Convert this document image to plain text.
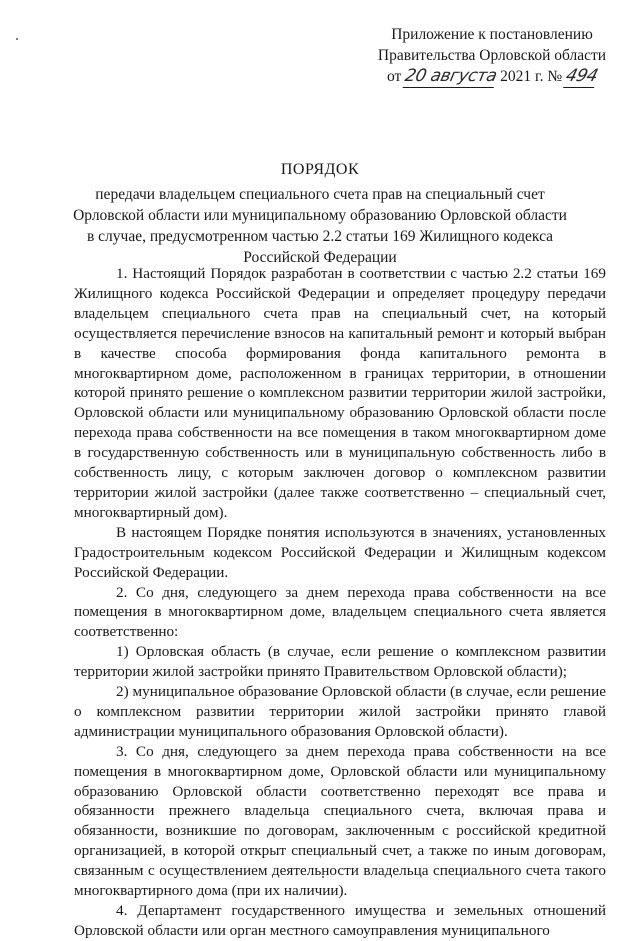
Приложение к постановлению
Правительства Орловской области
от 20 августа 2021 г. № 494
ПОРЯДОК
передачи владельцем специального счета прав на специальный счет
Орловской области или муниципальному образованию Орловской области
в случае, предусмотренном частью 2.2 статьи 169 Жилищного кодекса
Российской Федерации

1. Настоящий Порядок разработан в соответствии с частью 2.2 статьи 169 Жилищного кодекса Российской Федерации и определяет процедуру передачи владельцем специального счета прав на специальный счет, на который осуществляется перечисление взносов на капитальный ремонт и который выбран в качестве способа формирования фонда капитального ремонта в многоквартирном доме, расположенном в границах территории, в отношении которой принято решение о комплексном развитии территории жилой застройки, Орловской области или муниципальному образованию Орловской области после перехода права собственности на все помещения в таком многоквартирном доме в государственную собственность или в муниципальную собственность либо в собственность лицу, с которым заключен договор о комплексном развитии территории жилой застройки (далее также соответственно – специальный счет, многоквартирный дом).

В настоящем Порядке понятия используются в значениях, установленных Градостроительным кодексом Российской Федерации и Жилищным кодексом Российской Федерации.

2. Со дня, следующего за днем перехода права собственности на все помещения в многоквартирном доме, владельцем специального счета является соответственно:

1) Орловская область (в случае, если решение о комплексном развитии территории жилой застройки принято Правительством Орловской области);

2) муниципальное образование Орловской области (в случае, если решение о комплексном развитии территории жилой застройки принято главой администрации муниципального образования Орловской области).

3. Со дня, следующего за днем перехода права собственности на все помещения в многоквартирном доме, Орловской области или муниципальному образованию Орловской области соответственно переходят все права и обязанности прежнего владельца специального счета, включая права и обязанности, возникшие по договорам, заключенным с российской кредитной организацией, в которой открыт специальный счет, а также по иным договорам, связанным с осуществлением деятельности владельца специального счета такого многоквартирного дома (при их наличии).

4. Департамент государственного имущества и земельных отношений Орловской области или орган местного самоуправления муниципального
